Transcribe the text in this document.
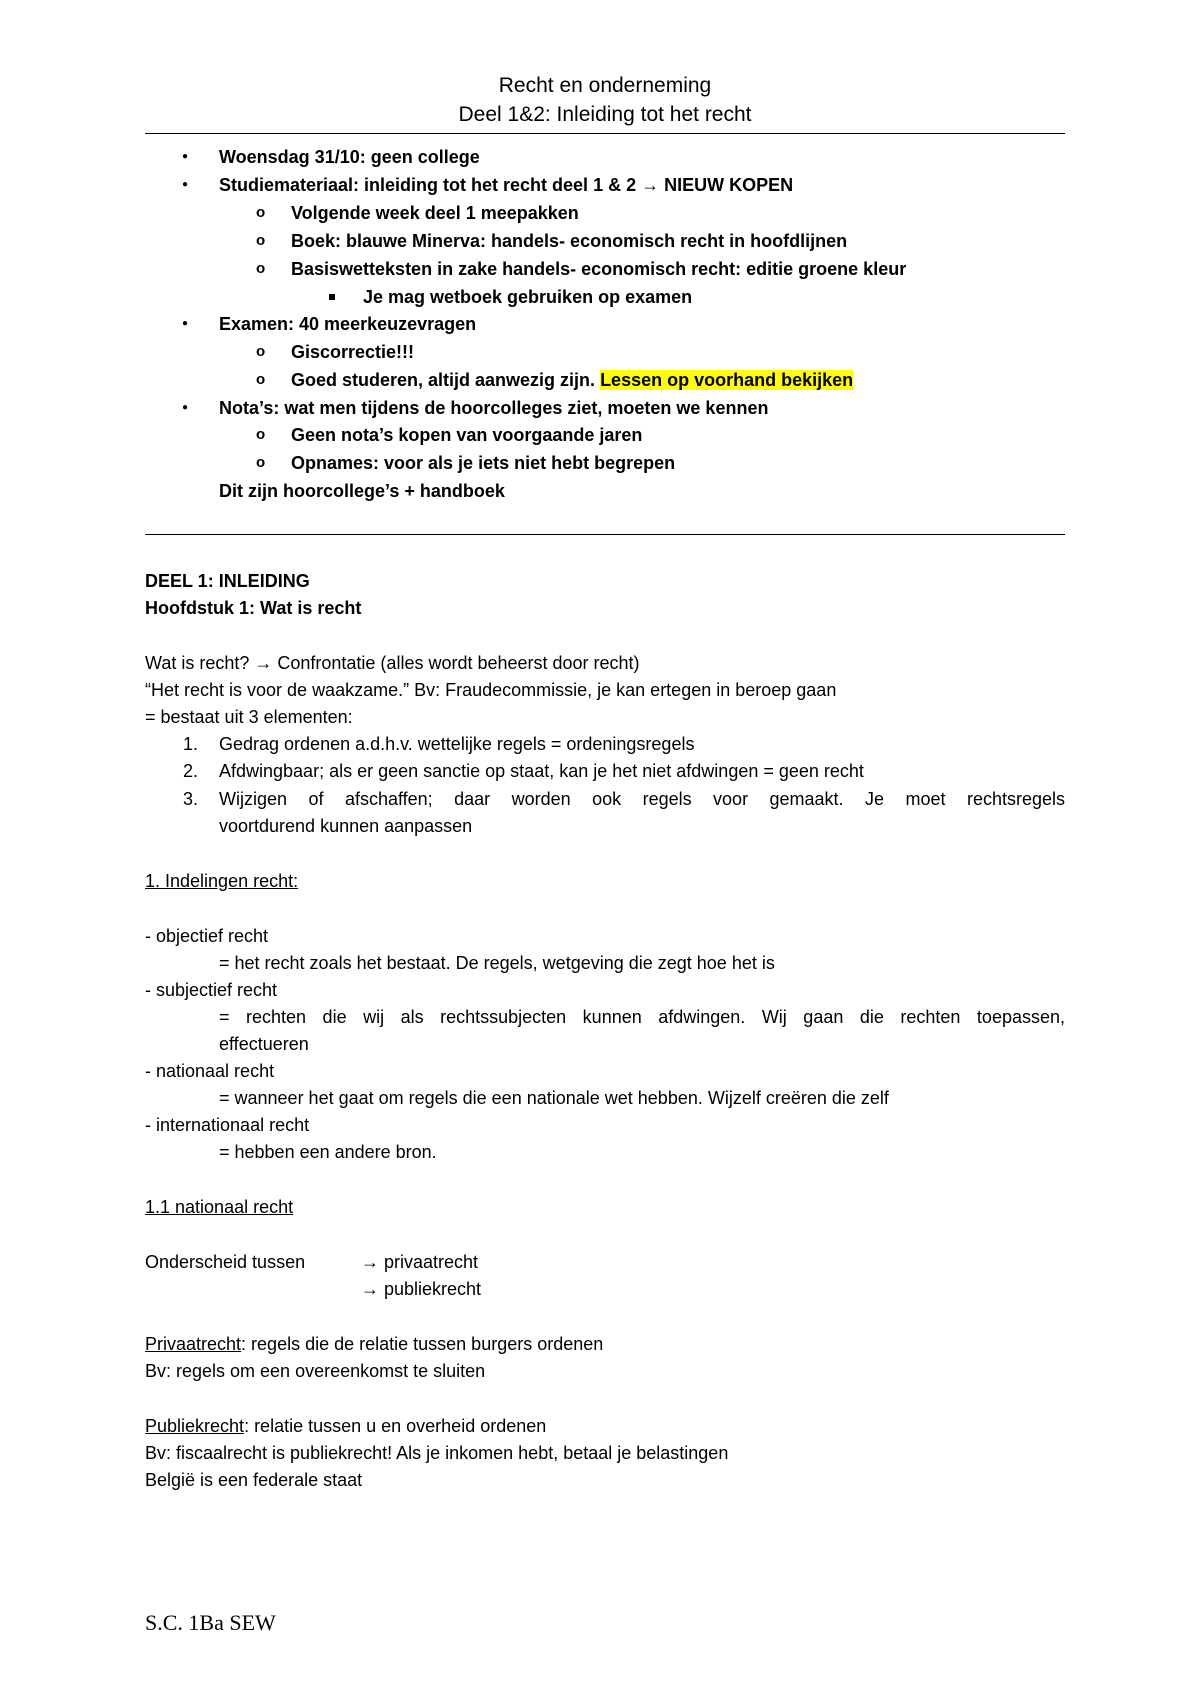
Recht en onderneming
Deel 1&2: Inleiding tot het recht
● Woensdag 31/10: geen college
● Studiemateriaal: inleiding tot het recht deel 1 & 2 → NIEUW KOPEN
o Volgende week deel 1 meepakken
o Boek: blauwe Minerva: handels- economisch recht in hoofdlijnen
o Basiswetteksten in zake handels- economisch recht: editie groene kleur
Je mag wetboek gebruiken op examen
● Examen: 40 meerkeuzevragen
o Giscorrectie!!!
o Goed studeren, altijd aanwezig zijn. Lessen op voorhand bekijken
● Nota’s: wat men tijdens de hoorcolleges ziet, moeten we kennen
o Geen nota’s kopen van voorgaande jaren
o Opnames: voor als je iets niet hebt begrepen
Dit zijn hoorcollege’s + handboek
DEEL 1: INLEIDING
Hoofdstuk 1: Wat is recht
Wat is recht? → Confrontatie (alles wordt beheerst door recht)
“Het recht is voor de waakzame.” Bv: Fraudecommissie, je kan ertegen in beroep gaan
= bestaat uit 3 elementen:
1. Gedrag ordenen a.d.h.v. wettelijke regels = ordeningsregels
2. Afdwingbaar; als er geen sanctie op staat, kan je het niet afdwingen = geen recht
3. Wijzigen of afschaffen; daar worden ook regels voor gemaakt. Je moet rechtsregels
voortdurend kunnen aanpassen
1. Indelingen recht:
- objectief recht
= het recht zoals het bestaat. De regels, wetgeving die zegt hoe het is
- subjectief recht
= rechten die wij als rechtssubjecten kunnen afdwingen. Wij gaan die rechten toepassen,
effectueren
- nationaal recht
= wanneer het gaat om regels die een nationale wet hebben. Wijzelf creëren die zelf
- internationaal recht
= hebben een andere bron.
1.1 nationaal recht
Onderscheid tussen	→ privaatrecht
→ publiekrecht
Privaatrecht: regels die de relatie tussen burgers ordenen
Bv: regels om een overeenkomst te sluiten
Publiekrecht: relatie tussen u en overheid ordenen
Bv: fiscaalrecht is publiekrecht! Als je inkomen hebt, betaal je belastingen
België is een federale staat
S.C. 1Ba SEW
